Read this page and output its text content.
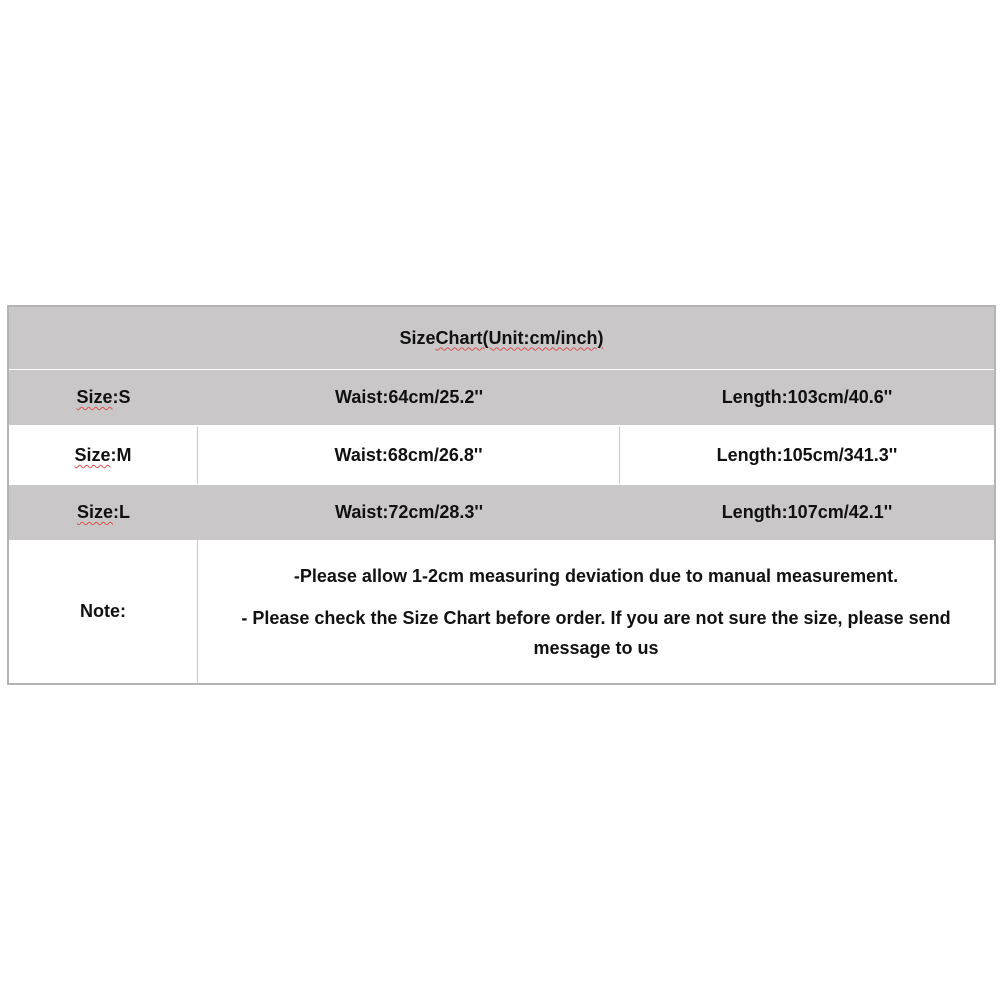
Size Chart(Unit:cm/inch)
Size :S	Waist:64cm/25.2''	Length:103cm/40.6''
Size :M	Waist:68cm/26.8''	Length:105cm/341.3''
Size :L	Waist:72cm/28.3''	Length:107cm/42.1''
Note:
-Please allow 1-2cm measuring deviation due to manual measurement.
- Please check the Size Chart before order. If you are not sure the size, please send message to us
